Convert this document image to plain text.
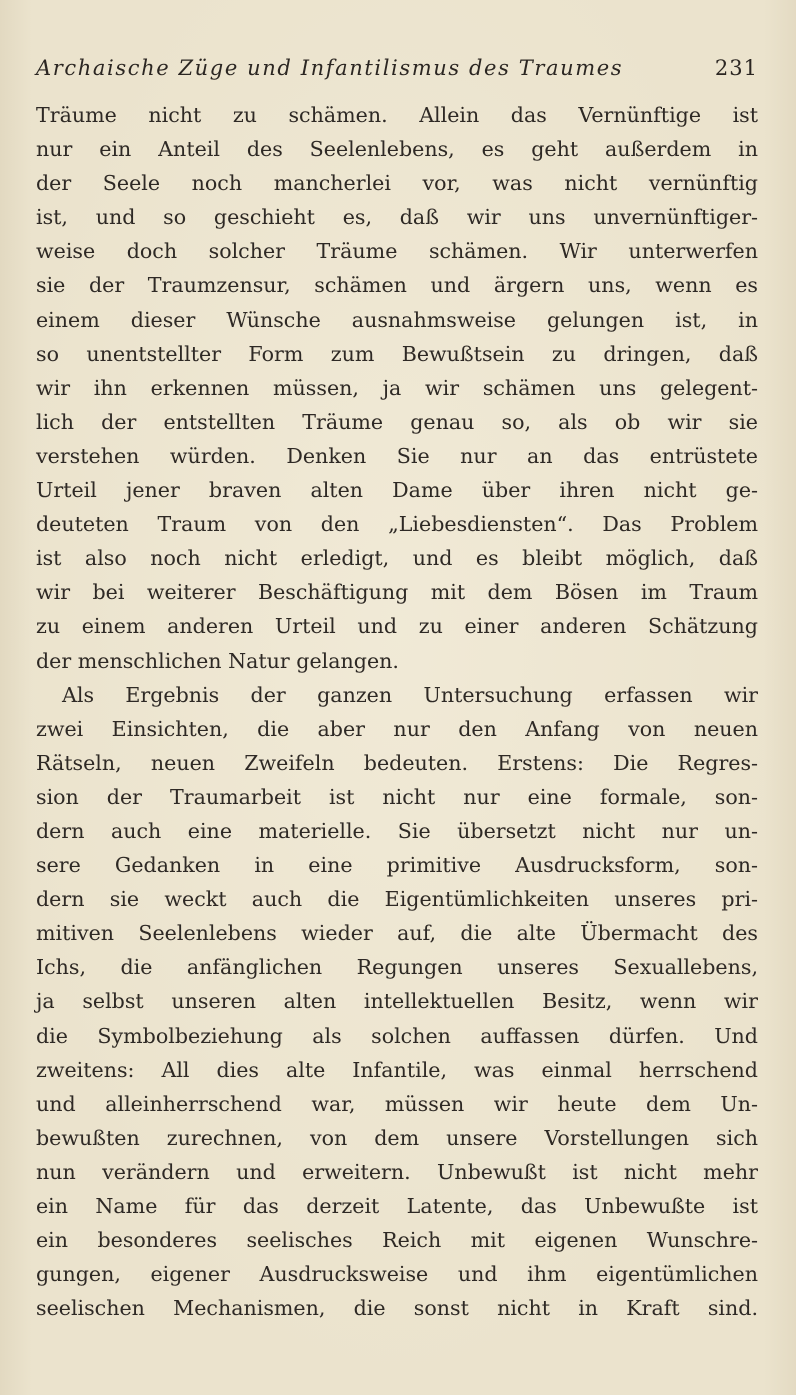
Archaische Züge und Infantilismus des Traumes	231
Träume nicht zu schämen. Allein das Vernünftige ist
nur ein Anteil des Seelenlebens, es geht außerdem in
der Seele noch mancherlei vor, was nicht vernünftig
ist, und so geschieht es, daß wir uns unvernünftiger-
weise doch solcher Träume schämen. Wir unterwerfen
sie der Traumzensur, schämen und ärgern uns, wenn es
einem dieser Wünsche ausnahmsweise gelungen ist, in
so unentstellter Form zum Bewußtsein zu dringen, daß
wir ihn erkennen müssen, ja wir schämen uns gelegent-
lich der entstellten Träume genau so, als ob wir sie
verstehen würden. Denken Sie nur an das entrüstete
Urteil jener braven alten Dame über ihren nicht ge-
deuteten Traum von den „Liebesdiensten“. Das Problem
ist also noch nicht erledigt, und es bleibt möglich, daß
wir bei weiterer Beschäftigung mit dem Bösen im Traum
zu einem anderen Urteil und zu einer anderen Schätzung
der menschlichen Natur gelangen.
Als Ergebnis der ganzen Untersuchung erfassen wir
zwei Einsichten, die aber nur den Anfang von neuen
Rätseln, neuen Zweifeln bedeuten. Erstens: Die Regres-
sion der Traumarbeit ist nicht nur eine formale, son-
dern auch eine materielle. Sie übersetzt nicht nur un-
sere Gedanken in eine primitive Ausdrucksform, son-
dern sie weckt auch die Eigentümlichkeiten unseres pri-
mitiven Seelenlebens wieder auf, die alte Übermacht des
Ichs, die anfänglichen Regungen unseres Sexuallebens,
ja selbst unseren alten intellektuellen Besitz, wenn wir
die Symbolbeziehung als solchen auffassen dürfen. Und
zweitens: All dies alte Infantile, was einmal herrschend
und alleinherrschend war, müssen wir heute dem Un-
bewußten zurechnen, von dem unsere Vorstellungen sich
nun verändern und erweitern. Unbewußt ist nicht mehr
ein Name für das derzeit Latente, das Unbewußte ist
ein besonderes seelisches Reich mit eigenen Wunschre-
gungen, eigener Ausdrucksweise und ihm eigentümlichen
seelischen Mechanismen, die sonst nicht in Kraft sind.
